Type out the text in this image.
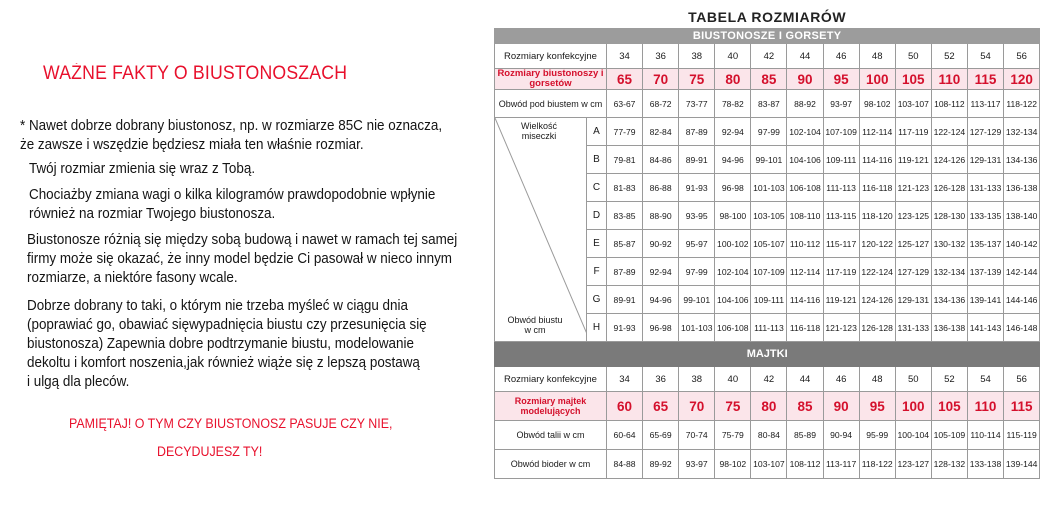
WAŻNE FAKTY O BIUSTONOSZACH
* Nawet dobrze dobrany biustonosz, np. w rozmiarze 85C nie oznacza,
że zawsze i wszędzie będziesz miała ten właśnie rozmiar.
Twój rozmiar zmienia się wraz z Tobą.
Chociażby zmiana wagi o kilka kilogramów prawdopodobnie wpłynie
również na rozmiar Twojego biustonosza.
Biustonosze różnią się między sobą budową i nawet w ramach tej samej
firmy może się okazać, że inny model będzie Ci pasował w nieco innym
rozmiarze, a niektóre fasony wcale.
Dobrze dobrany to taki, o którym nie trzeba myśleć w ciągu dnia
(poprawiać go, obawiać sięwypadnięcia biustu czy przesunięcia się
biustonosza) Zapewnia dobre podtrzymanie biustu, modelowanie
dekoltu i komfort noszenia,jak również wiąże się z lepszą postawą
i ulgą dla pleców.
PAMIĘTAJ! O TYM CZY BIUSTONOSZ PASUJE CZY NIE,
DECYDUJESZ TY!
TABELA ROZMIARÓW													
BIUSTONOSZE I GORSETY													
Rozmiary konfekcyjne		34	36	38	40	42	44	46	48	50	52	54	56
Rozmiary biustonoszy i gorsetów		65	70	75	80	85	90	95	100	105	110	115	120
Obwód pod biustem w cm		63-67	68-72	73-77	78-82	83-87	88-92	93-97	98-102	103-107	108-112	113-117	118-122

Wielkość miseczki
Obwód biustu w cm	A	77-79	82-84	87-89	92-94	97-99	102-104	107-109	112-114	117-119	122-124	127-129	132-134
	B	79-81	84-86	89-91	94-96	99-101	104-106	109-111	114-116	119-121	124-126	129-131	134-136
	C	81-83	86-88	91-93	96-98	101-103	106-108	111-113	116-118	121-123	126-128	131-133	136-138
	D	83-85	88-90	93-95	98-100	103-105	108-110	113-115	118-120	123-125	128-130	133-135	138-140
	E	85-87	90-92	95-97	100-102	105-107	110-112	115-117	120-122	125-127	130-132	135-137	140-142
	F	87-89	92-94	97-99	102-104	107-109	112-114	117-119	122-124	127-129	132-134	137-139	142-144
	G	89-91	94-96	99-101	104-106	109-111	114-116	119-121	124-126	129-131	134-136	139-141	144-146
	H	91-93	96-98	101-103	106-108	111-113	116-118	121-123	126-128	131-133	136-138	141-143	146-148
MAJTKI													
Rozmiary konfekcyjne		34	36	38	40	42	44	46	48	50	52	54	56
Rozmiary majtek modelujących		60	65	70	75	80	85	90	95	100	105	110	115
Obwód talii w cm		60-64	65-69	70-74	75-79	80-84	85-89	90-94	95-99	100-104	105-109	110-114	115-119
Obwód bioder w cm		84-88	89-92	93-97	98-102	103-107	108-112	113-117	118-122	123-127	128-132	133-138	139-144
